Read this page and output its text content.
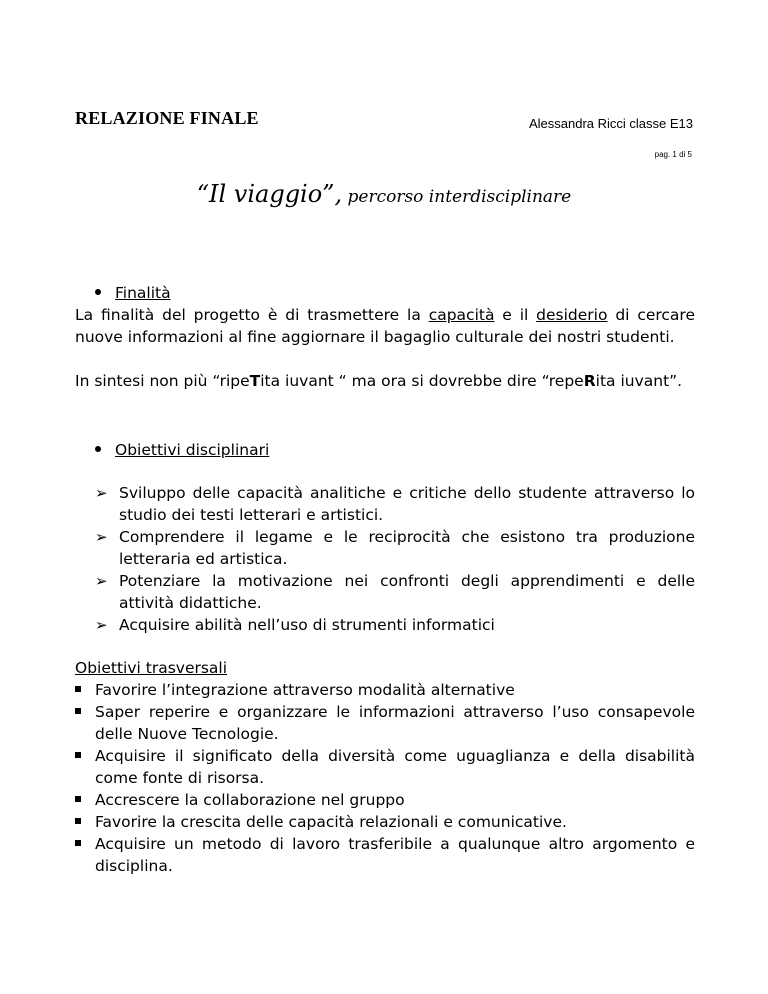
RELAZIONE FINALE	Alessandra Ricci classe E13
pag. 1 di 5
“Il viaggio”, percorso interdisciplinare
Finalità
La finalità del progetto è di trasmettere la capacità e il desiderio di cercare nuove informazioni al fine aggiornare il bagaglio culturale dei nostri studenti.
In sintesi non più “ripeTita iuvant “ ma ora si dovrebbe dire “repeRita iuvant”.
Obiettivi disciplinari
➢ Sviluppo delle capacità analitiche e critiche dello studente attraverso lo studio dei testi letterari e artistici.
➢ Comprendere il legame e le reciprocità che esistono tra produzione letteraria ed artistica.
➢ Potenziare la motivazione nei confronti degli apprendimenti e delle attività didattiche.
➢ Acquisire abilità nell’uso di strumenti informatici
Obiettivi trasversali
Favorire l’integrazione attraverso modalità alternative
Saper reperire e organizzare le informazioni attraverso l’uso consapevole delle Nuove Tecnologie.
Acquisire il significato della diversità come uguaglianza e della disabilità come fonte di risorsa.
Accrescere la collaborazione nel gruppo
Favorire la crescita delle capacità relazionali e comunicative.
Acquisire un metodo di lavoro trasferibile a qualunque altro argomento e disciplina.
